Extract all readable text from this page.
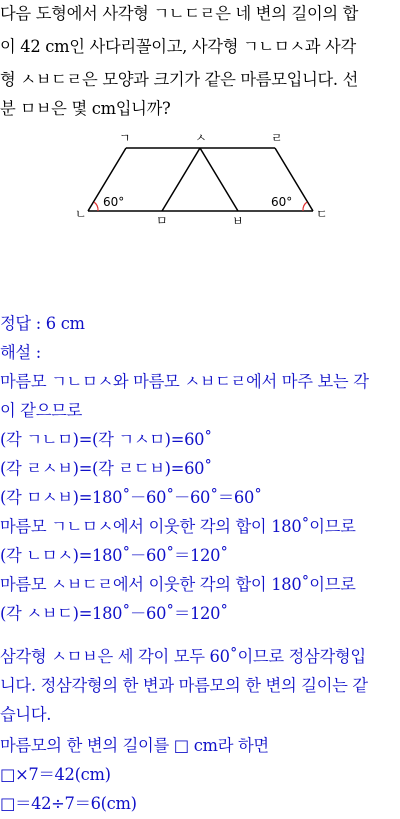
다음 도형에서 사각형 ㄱㄴㄷㄹ은 네 변의 길이의 합
이 42 cm인 사다리꼴이고, 사각형 ㄱㄴㅁㅅ과 사각
형 ㅅㅂㄷㄹ은 모양과 크기가 같은 마름모입니다. 선
분 ㅁㅂ은 몇 cm입니까?
60°	60°
ㄱ	ㅅ	ㄹ
ㄴ	ㅁ	ㅂ	ㄷ
정답 : 6 cm
해설 :
마름모 ㄱㄴㅁㅅ와 마름모 ㅅㅂㄷㄹ에서 마주 보는 각
이 같으므로
(각 ㄱㄴㅁ)=(각 ㄱㅅㅁ)=60˚
(각 ㄹㅅㅂ)=(각 ㄹㄷㅂ)=60˚
(각 ㅁㅅㅂ)=180˚－60˚－60˚＝60˚
마름모 ㄱㄴㅁㅅ에서 이웃한 각의 합이 180˚이므로
(각 ㄴㅁㅅ)=180˚－60˚＝120˚
마름모 ㅅㅂㄷㄹ에서 이웃한 각의 합이 180˚이므로
(각 ㅅㅂㄷ)=180˚－60˚＝120˚
삼각형 ㅅㅁㅂ은 세 각이 모두 60˚이므로 정삼각형입
니다. 정삼각형의 한 변과 마름모의 한 변의 길이는 같
습니다.
마름모의 한 변의 길이를 □ cm라 하면
□×7＝42(cm)
□＝42÷7＝6(cm)
